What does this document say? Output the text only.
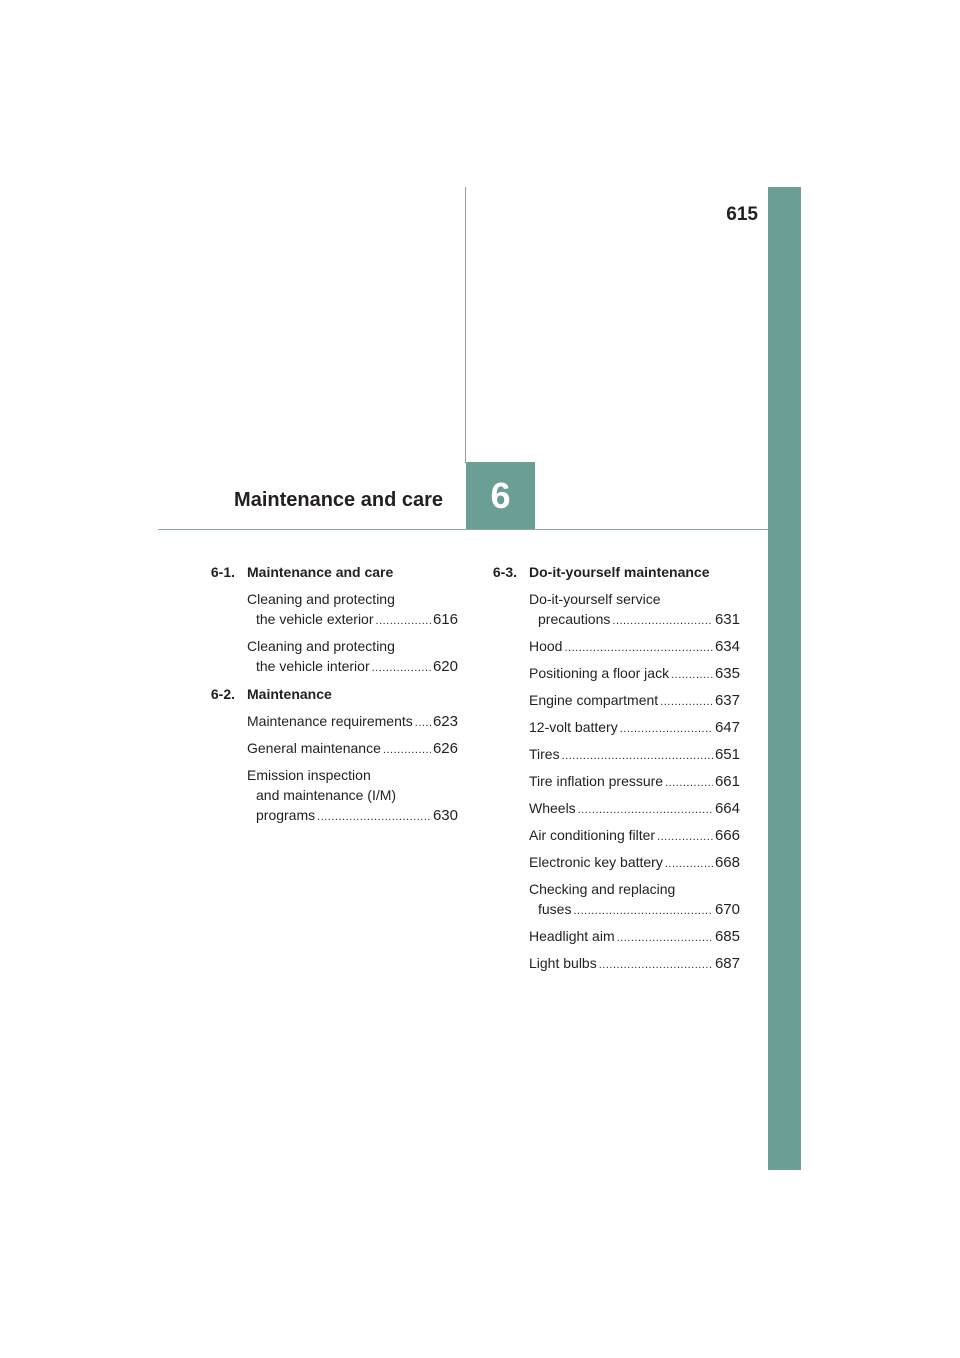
615
Maintenance and care	6
6-1. Maintenance and care
Cleaning and protecting
the vehicle exterior .....	616
Cleaning and protecting
the vehicle interior .....	620
6-2. Maintenance
Maintenance requirements ..... 623
General maintenance .....	626
Emission inspection
and maintenance (I/M)
programs .....	630
6-3. Do-it-yourself maintenance
Do-it-yourself service
precautions .....	631
Hood .....	634
Positioning a floor jack .....	635
Engine compartment .....	637
12-volt battery .....	647
Tires .....	651
Tire inflation pressure .....	661
Wheels .....	664
Air conditioning filter .....	666
Electronic key battery .....	668
Checking and replacing
fuses .....	670
Headlight aim .....	685
Light bulbs .....	687
